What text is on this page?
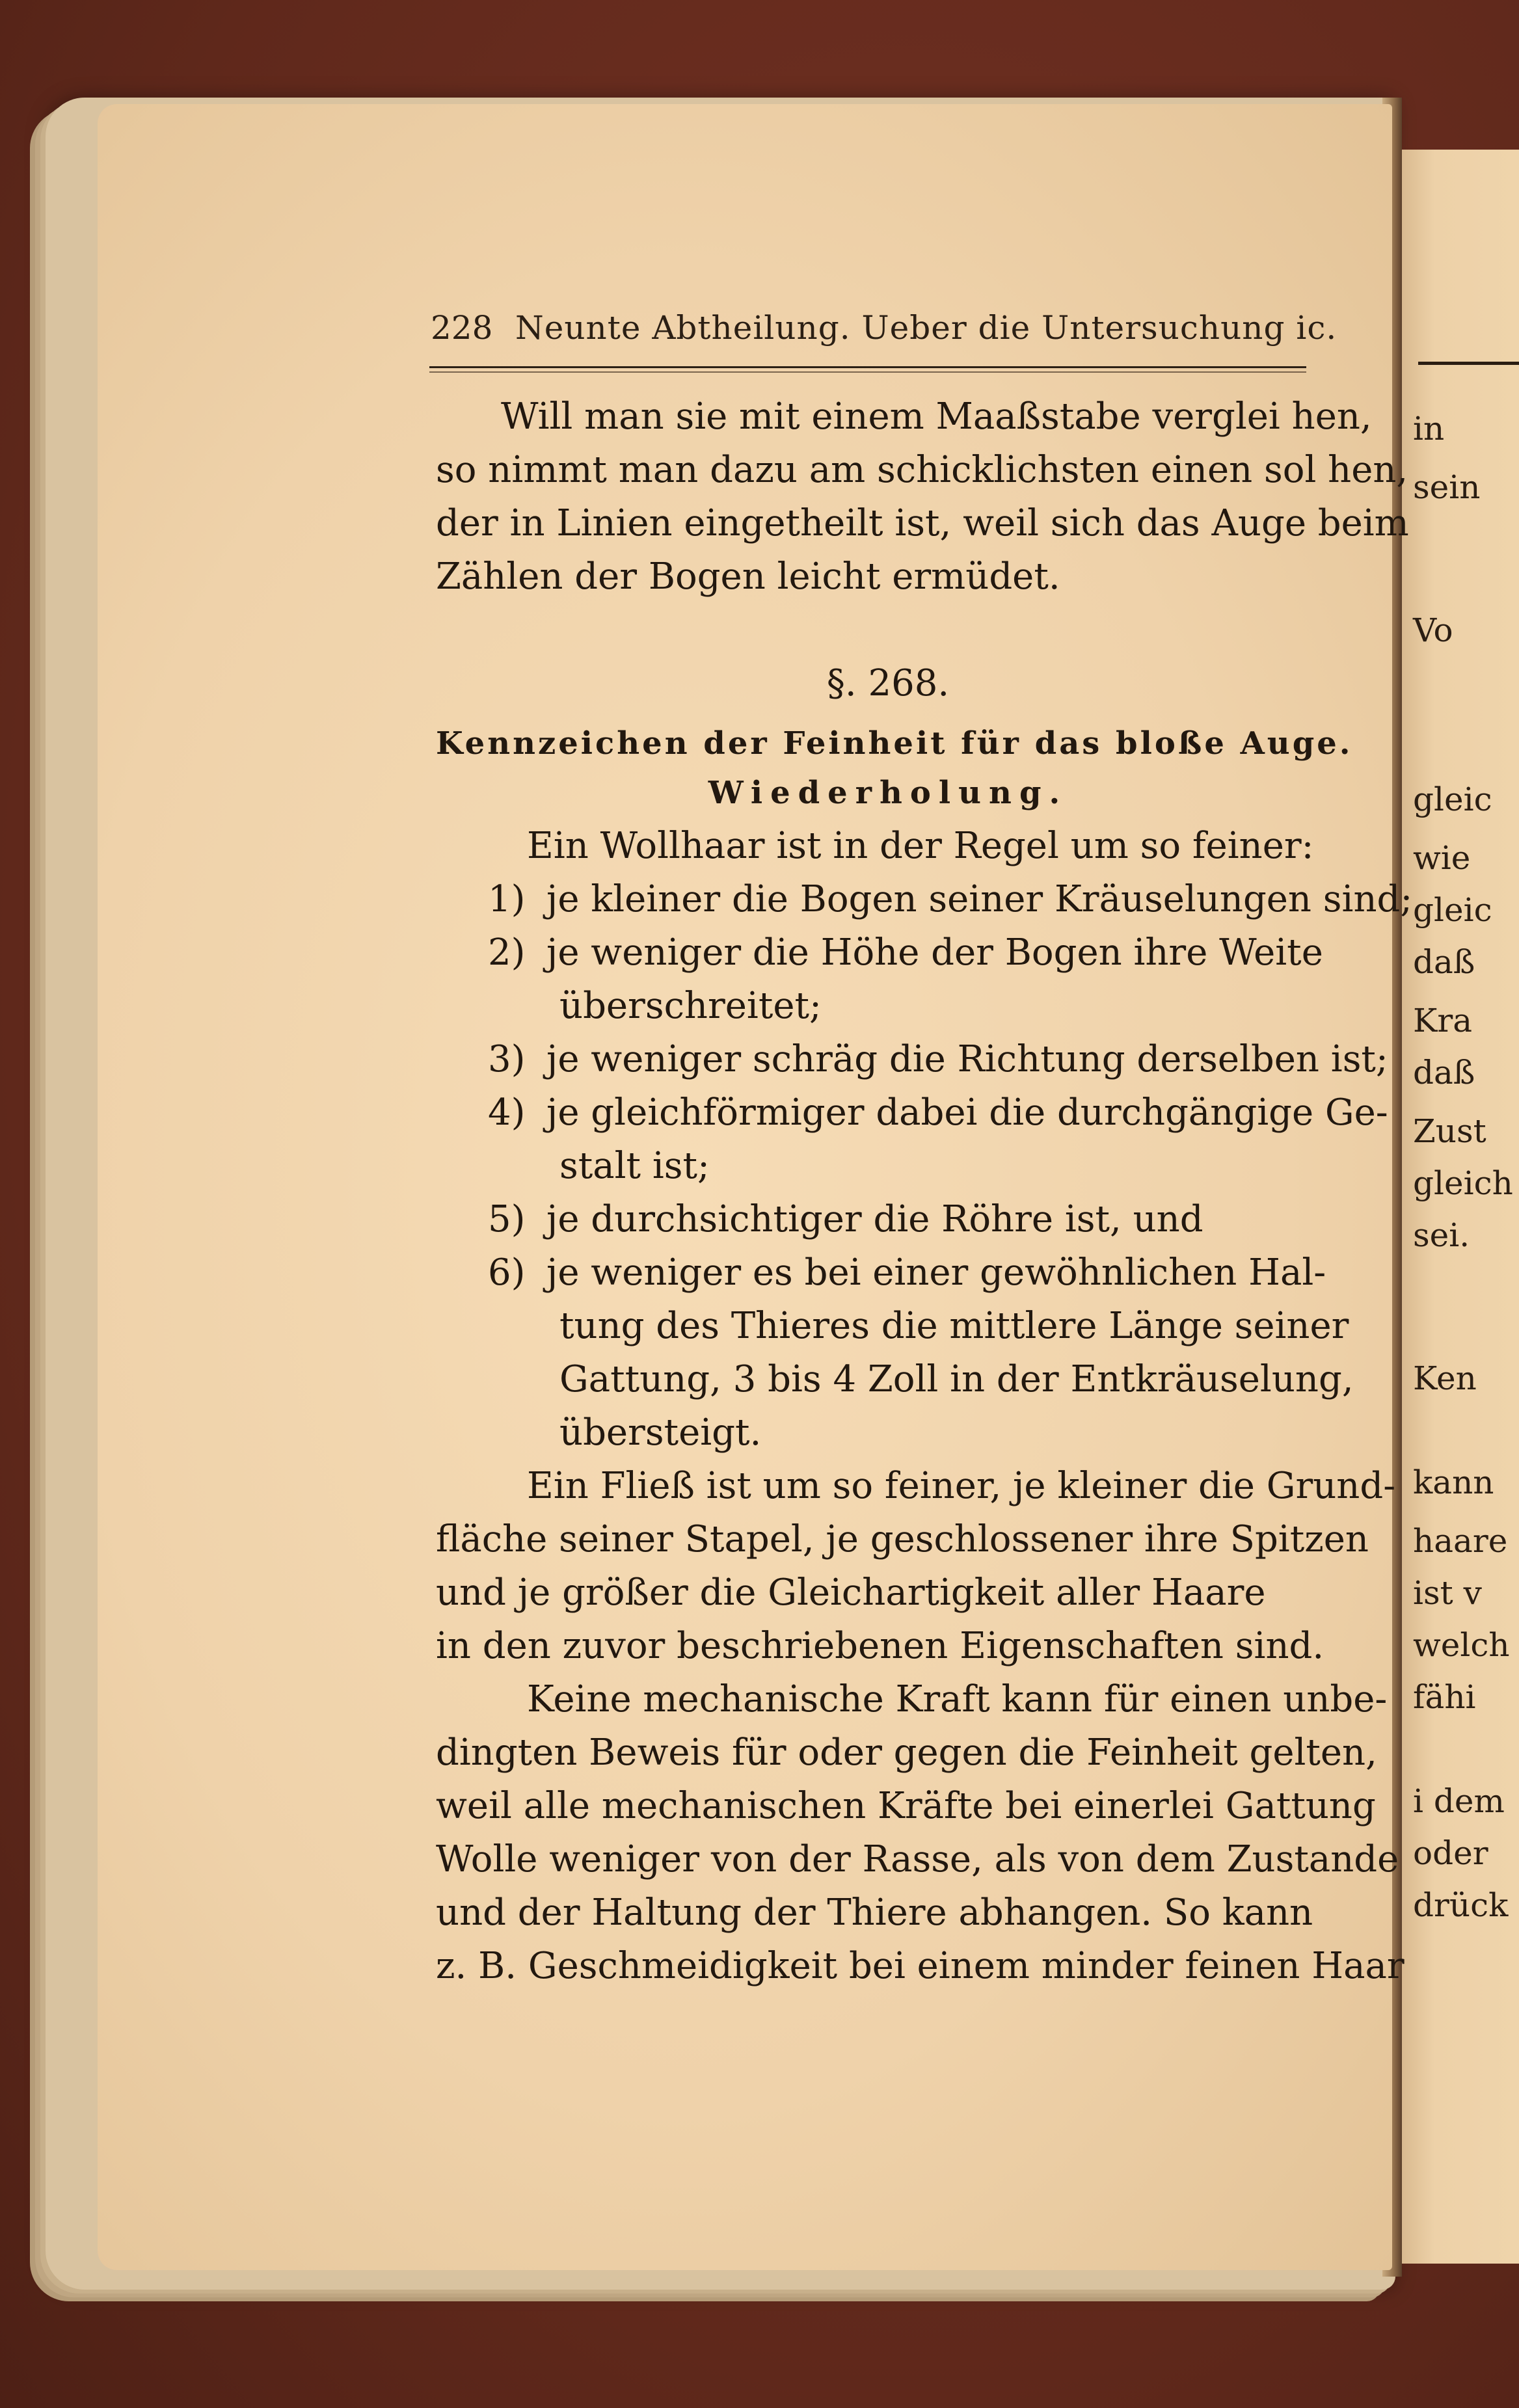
in
sein
Vo
gleic
wie
gleic
daß
Kra
daß
Zust
gleich
sei.
Ken
kann
haare
ist v
welch
fähi
i dem
oder
drück
228 Neunte Abtheilung. Ueber die Untersuchung ic.
Will man sie mit einem Maaßstabe verglei hen,
so nimmt man dazu am schicklichsten einen sol hen,
der in Linien eingetheilt ist, weil sich das Auge beim
Zählen der Bogen leicht ermüdet.
§. 268.
Kennzeichen der Feinheit für das bloße Auge.
Wiederholung.
Ein Wollhaar ist in der Regel um so feiner:
1) je kleiner die Bogen seiner Kräuselungen sind;
2) je weniger die Höhe der Bogen ihre Weite
überschreitet;
3) je weniger schräg die Richtung derselben ist;
4) je gleichförmiger dabei die durchgängige Ge-
stalt ist;
5) je durchsichtiger die Röhre ist, und
6) je weniger es bei einer gewöhnlichen Hal-
tung des Thieres die mittlere Länge seiner
Gattung, 3 bis 4 Zoll in der Entkräuselung,
übersteigt.
Ein Fließ ist um so feiner, je kleiner die Grund-
fläche seiner Stapel, je geschlossener ihre Spitzen
und je größer die Gleichartigkeit aller Haare
in den zuvor beschriebenen Eigenschaften sind.
Keine mechanische Kraft kann für einen unbe-
dingten Beweis für oder gegen die Feinheit gelten,
weil alle mechanischen Kräfte bei einerlei Gattung
Wolle weniger von der Rasse, als von dem Zustande
und der Haltung der Thiere abhangen. So kann
z. B. Geschmeidigkeit bei einem minder feinen Haar
